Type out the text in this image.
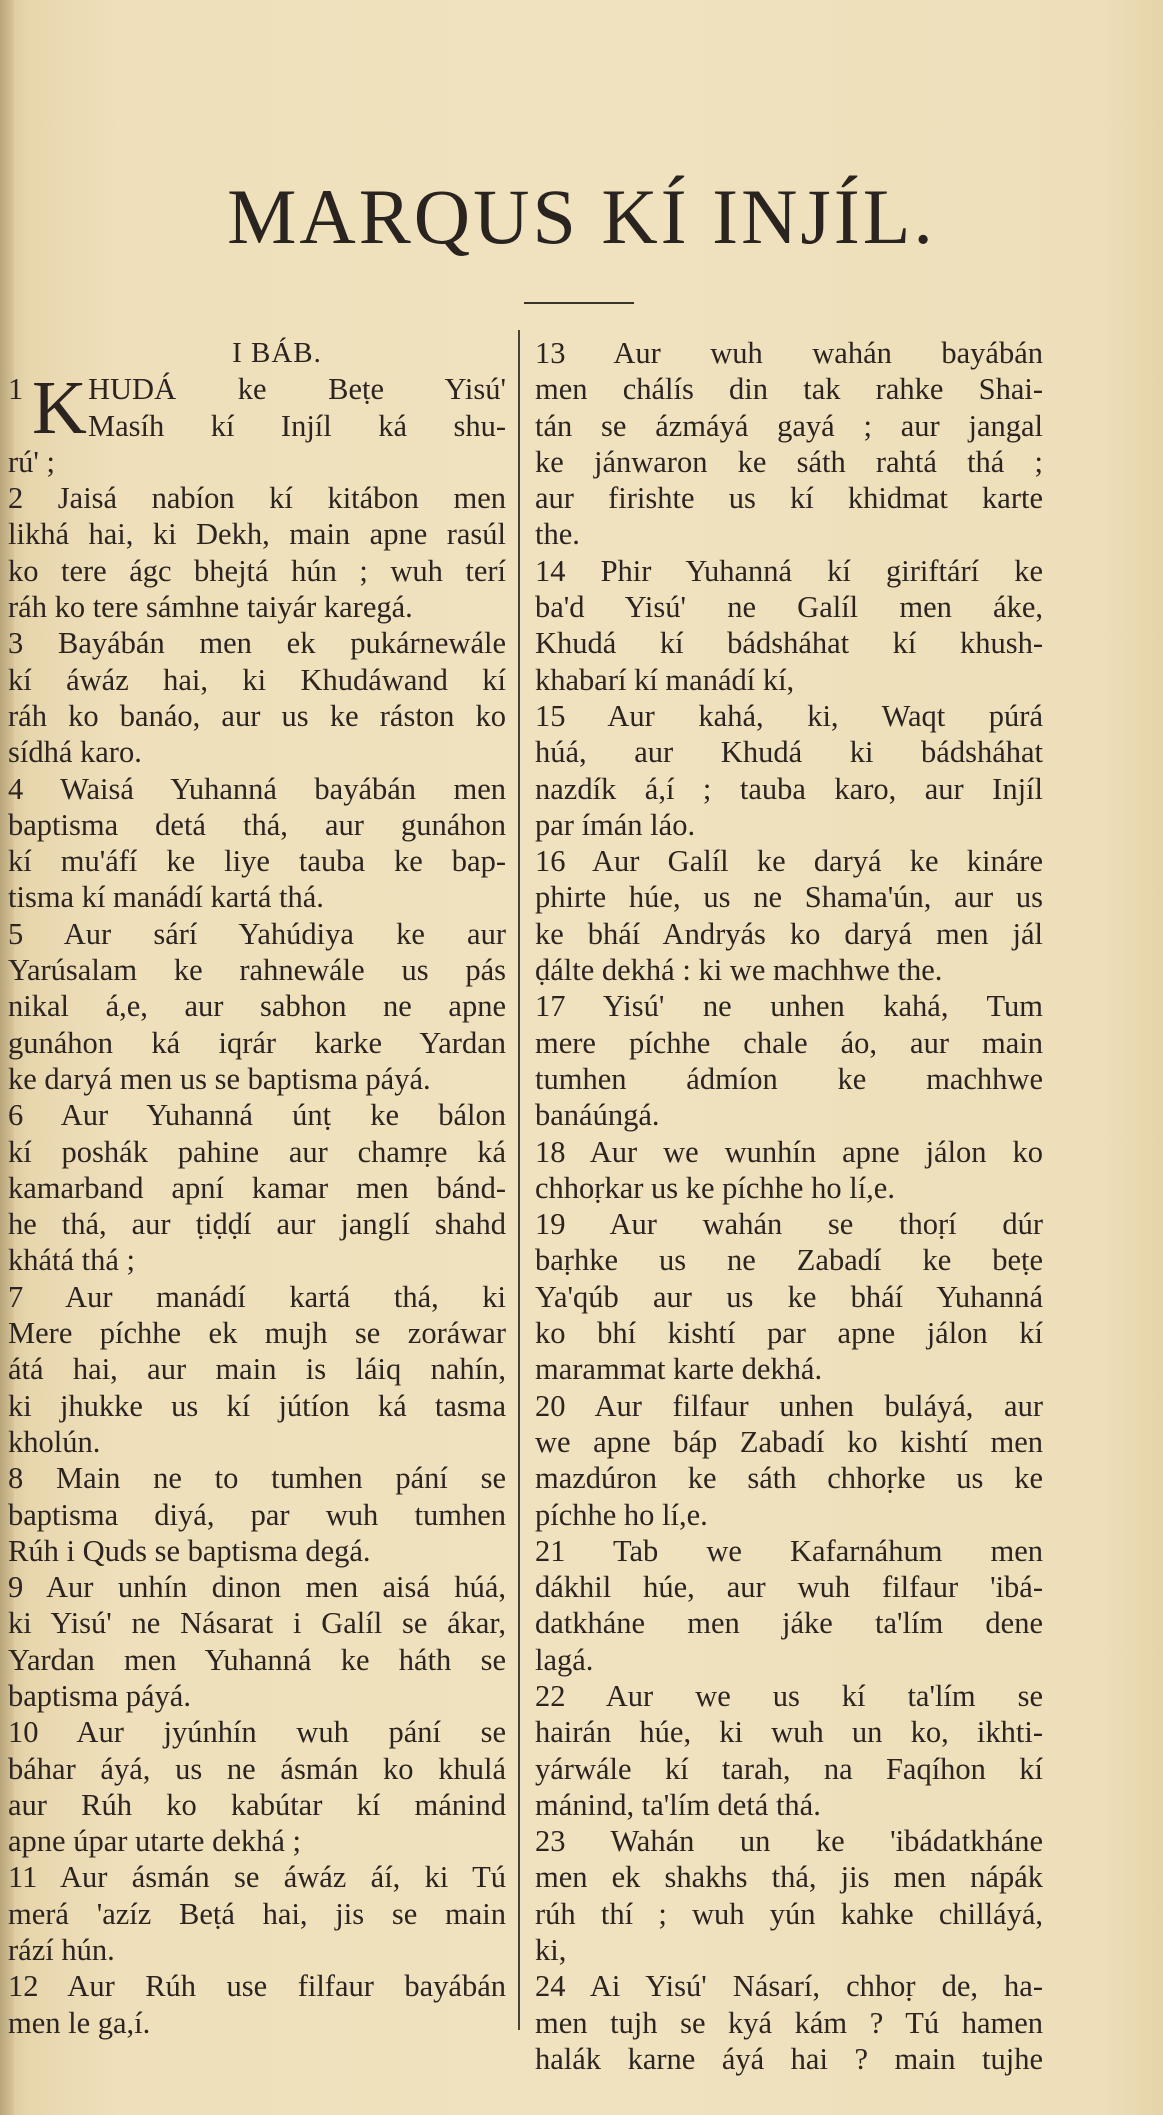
MARQUS KÍ INJÍL.
I BÁB.
1 K HUDÁ ke Beṭe Yisú'
Masíh kí Injíl ká shu-
rú' ;
2 Jaisá nabíon kí kitábon men
likhá hai, ki Dekh, main apne rasúl
ko tere ágc bhejtá hún ; wuh terí
ráh ko tere sámhne taiyár karegá.
3 Bayábán men ek pukárnewále
kí áwáz hai, ki Khudáwand kí
ráh ko banáo, aur us ke ráston ko
sídhá karo.
4 Waisá Yuhanná bayábán men
baptisma detá thá, aur gunáhon
kí mu'áfí ke liye tauba ke bap-
tisma kí manádí kartá thá.
5 Aur sárí Yahúdiya ke aur
Yarúsalam ke rahnewále us pás
nikal á,e, aur sabhon ne apne
gunáhon ká iqrár karke Yardan
ke daryá men us se baptisma páyá.
6 Aur Yuhanná únṭ ke bálon
kí poshák pahine aur chamṛe ká
kamarband apní kamar men bánd-
he thá, aur ṭiḍḍí aur janglí shahd
khátá thá ;
7 Aur manádí kartá thá, ki
Mere píchhe ek mujh se zoráwar
átá hai, aur main is láiq nahín,
ki jhukke us kí jútíon ká tasma
kholún.
8 Main ne to tumhen pání se
baptisma diyá, par wuh tumhen
Rúh i Quds se baptisma degá.
9 Aur unhín dinon men aisá húá,
ki Yisú' ne Násarat i Galíl se ákar,
Yardan men Yuhanná ke háth se
baptisma páyá.
10 Aur jyúnhín wuh pání se
báhar áyá, us ne ásmán ko khulá
aur Rúh ko kabútar kí mánind
apne úpar utarte dekhá ;
11 Aur ásmán se áwáz áí, ki Tú
merá 'azíz Beṭá hai, jis se main
rází hún.
12 Aur Rúh use filfaur bayábán
men le ga,í.
13 Aur wuh wahán bayábán
men chálís din tak rahke Shai-
tán se ázmáyá gayá ; aur jangal
ke jánwaron ke sáth rahtá thá ;
aur firishte us kí khidmat karte
the.
14 Phir Yuhanná kí giriftárí ke
ba'd Yisú' ne Galíl men áke,
Khudá kí bádsháhat kí khush-
khabarí kí manádí kí,
15 Aur kahá, ki, Waqt púrá
húá, aur Khudá ki bádsháhat
nazdík á,í ; tauba karo, aur Injíl
par ímán láo.
16 Aur Galíl ke daryá ke kináre
phirte húe, us ne Shama'ún, aur us
ke bháí Andryás ko daryá men jál
ḍálte dekhá : ki we machhwe the.
17 Yisú' ne unhen kahá, Tum
mere píchhe chale áo, aur main
tumhen ádmíon ke machhwe
banáúngá.
18 Aur we wunhín apne jálon ko
chhoṛkar us ke píchhe ho lí,e.
19 Aur wahán se thoṛí dúr
baṛhke us ne Zabadí ke beṭe
Ya'qúb aur us ke bháí Yuhanná
ko bhí kishtí par apne jálon kí
marammat karte dekhá.
20 Aur filfaur unhen buláyá, aur
we apne báp Zabadí ko kishtí men
mazdúron ke sáth chhoṛke us ke
píchhe ho lí,e.
21 Tab we Kafarnáhum men
dákhil húe, aur wuh filfaur 'ibá-
datkháne men jáke ta'lím dene
lagá.
22 Aur we us kí ta'lím se
hairán húe, ki wuh un ko, ikhti-
yárwále kí tarah, na Faqíhon kí
mánind, ta'lím detá thá.
23 Wahán un ke 'ibádatkháne
men ek shakhs thá, jis men nápák
rúh thí ; wuh yún kahke chilláyá,
ki,
24 Ai Yisú' Násarí, chhoṛ de, ha-
men tujh se kyá kám ? Tú hamen
halák karne áyá hai ? main tujhe
